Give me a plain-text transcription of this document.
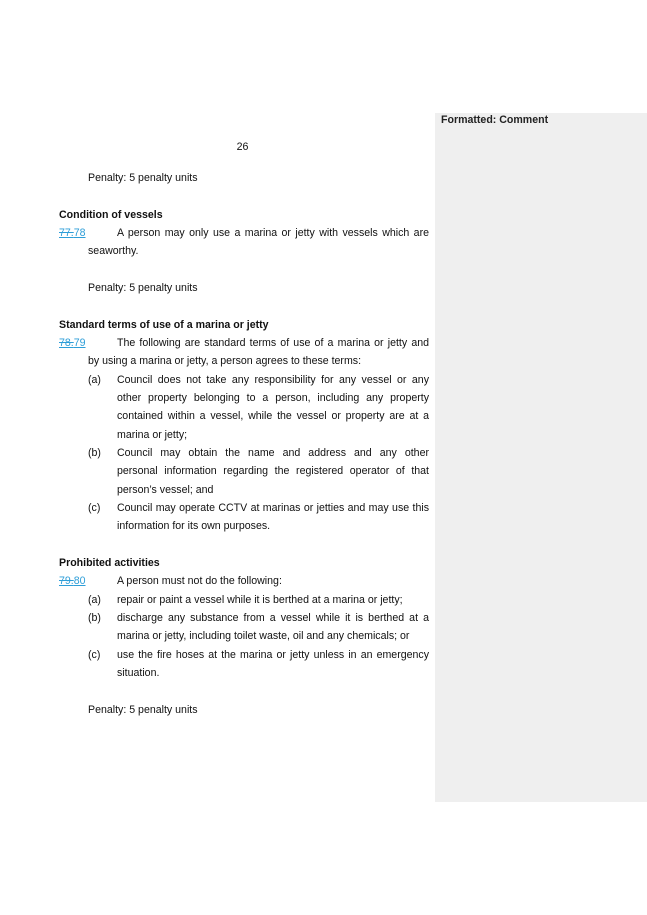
Formatted: Comment
26
Penalty: 5 penalty units
Condition of vessels
77.78	A person may only use a marina or jetty with vessels which are
seaworthy.
Penalty: 5 penalty units
Standard terms of use of a marina or jetty
78.79	The following are standard terms of use of a marina or jetty and
by using a marina or jetty, a person agrees to these terms:
(a) Council does not take any responsibility for any vessel or any
other property belonging to a person, including any property
contained within a vessel, while the vessel or property are at a
marina or jetty;
(b) Council may obtain the name and address and any other
personal information regarding the registered operator of that
person’s vessel; and
(c) Council may operate CCTV at marinas or jetties and may use this
information for its own purposes.
Prohibited activities
79.80	A person must not do the following:
(a) repair or paint a vessel while it is berthed at a marina or jetty;
(b) discharge any substance from a vessel while it is berthed at a
marina or jetty, including toilet waste, oil and any chemicals; or
(c) use the fire hoses at the marina or jetty unless in an emergency
situation.
Penalty: 5 penalty units
